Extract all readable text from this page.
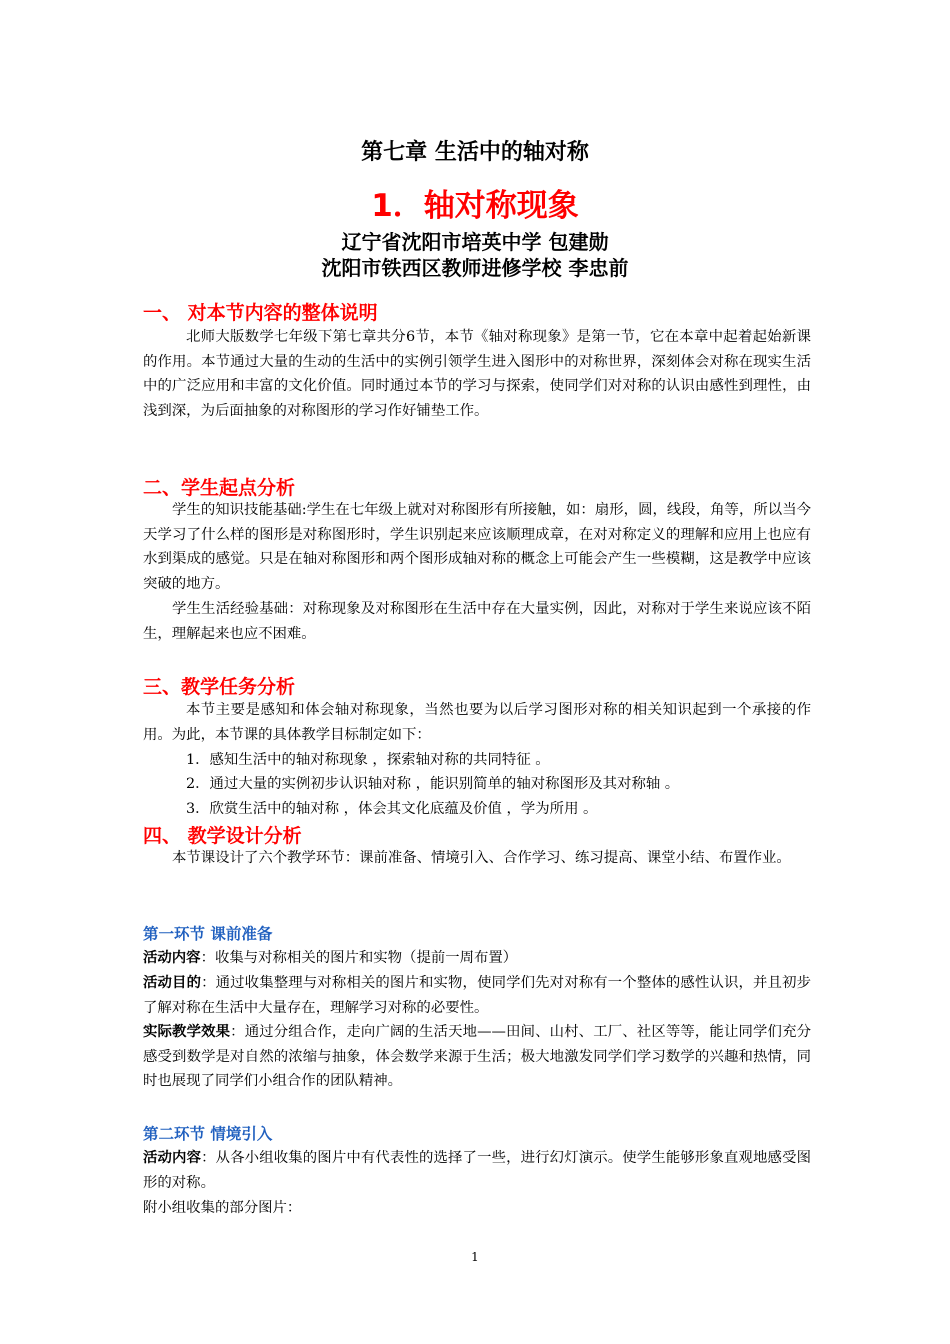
第七章 生活中的轴对称
1．轴对称现象
辽宁省沈阳市培英中学 包建勋
沈阳市铁西区教师进修学校 李忠前
一、 对本节内容的整体说明
北师大版数学七年级下第七章共分6节，本节《轴对称现象》是第一节，它在本章中起着起始新课的作用。本节通过大量的生动的生活中的实例引领学生进入图形中的对称世界，深刻体会对称在现实生活中的广泛应用和丰富的文化价值。同时通过本节的学习与探索，使同学们对对称的认识由感性到理性，由浅到深，为后面抽象的对称图形的学习作好铺垫工作。
二、学生起点分析
学生的知识技能基础:学生在七年级上就对对称图形有所接触，如：扇形，圆，线段，角等，所以当今天学习了什么样的图形是对称图形时，学生识别起来应该顺理成章，在对对称定义的理解和应用上也应有水到渠成的感觉。只是在轴对称图形和两个图形成轴对称的概念上可能会产生一些模糊，这是教学中应该突破的地方。
学生生活经验基础：对称现象及对称图形在生活中存在大量实例，因此，对称对于学生来说应该不陌生，理解起来也应不困难。
三、教学任务分析
本节主要是感知和体会轴对称现象，当然也要为以后学习图形对称的相关知识起到一个承接的作用。为此，本节课的具体教学目标制定如下：
1．感知生活中的轴对称现象 ，探索轴对称的共同特征 。
2．通过大量的实例初步认识轴对称 ，能识别简单的轴对称图形及其对称轴 。
3．欣赏生活中的轴对称 ，体会其文化底蕴及价值 ，学为所用 。
四、 教学设计分析
本节课设计了六个教学环节：课前准备、情境引入、合作学习、练习提高、课堂小结、布置作业。
第一环节 课前准备
活动内容：收集与对称相关的图片和实物（提前一周布置）
活动目的：通过收集整理与对称相关的图片和实物，使同学们先对对称有一个整体的感性认识，并且初步了解对称在生活中大量存在，理解学习对称的必要性。
实际教学效果：通过分组合作，走向广阔的生活天地——田间、山村、工厂、社区等等，能让同学们充分感受到数学是对自然的浓缩与抽象，体会数学来源于生活；极大地激发同学们学习数学的兴趣和热情，同时也展现了同学们小组合作的团队精神。
第二环节 情境引入
活动内容：从各小组收集的图片中有代表性的选择了一些，进行幻灯演示。使学生能够形象直观地感受图形的对称。
附小组收集的部分图片：
1
